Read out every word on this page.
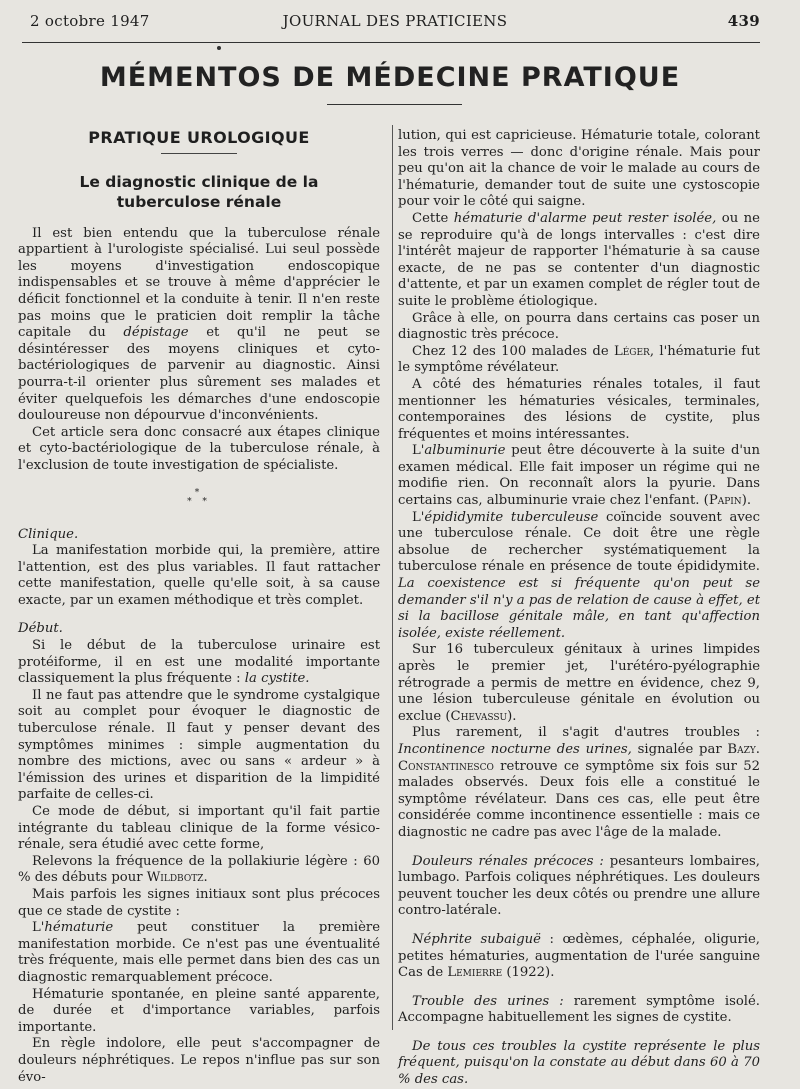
2 octobre 1947	JOURNAL DES PRATICIENS	439
MÉMENTOS DE MÉDECINE PRATIQUE
PRATIQUE UROLOGIQUE
Le diagnostic clinique de la
tuberculose rénale

Il est bien entendu que la tuberculose rénale appartient à l'urologiste spécialisé. Lui seul possède les moyens d'investigation endoscopique indispensables et se trouve à même d'apprécier le déficit fonctionnel et la conduite à tenir. Il n'en reste pas moins que le praticien doit remplir la tâche capitale du dépistage et qu'il ne peut se désintéresser des moyens cliniques et cyto-bactériologiques de parvenir au diagnostic. Ainsi pourra-t-il orienter plus sûrement ses malades et éviter quelquefois les démarches d'une endoscopie douloureuse non dépourvue d'inconvénients.

Cet article sera donc consacré aux étapes clinique et cyto-bactériologique de la tuberculose rénale, à l'exclusion de toute investigation de spécialiste.

*
* *

Clinique.

La manifestation morbide qui, la première, attire l'attention, est des plus variables. Il faut rattacher cette manifestation, quelle qu'elle soit, à sa cause exacte, par un examen méthodique et très complet.

Début.

Si le début de la tuberculose urinaire est protéiforme, il en est une modalité importante classiquement la plus fréquente : la cystite.

Il ne faut pas attendre que le syndrome cystalgique soit au complet pour évoquer le diagnostic de tuberculose rénale. Il faut y penser devant des symptômes minimes : simple augmentation du nombre des mictions, avec ou sans « ardeur » à l'émission des urines et disparition de la limpidité parfaite de celles-ci.

Ce mode de début, si important qu'il fait partie intégrante du tableau clinique de la forme vésico-rénale, sera étudié avec cette forme,

Relevons la fréquence de la pollakiurie légère : 60 % des débuts pour Wildbotz.

Mais parfois les signes initiaux sont plus précoces que ce stade de cystite :

L'hématurie peut constituer la première manifestation morbide. Ce n'est pas une éventualité très fréquente, mais elle permet dans bien des cas un diagnostic remarquablement précoce.

Hématurie spontanée, en pleine santé apparente, de durée et d'importance variables, parfois importante.

En règle indolore, elle peut s'accompagner de douleurs néphrétiques. Le repos n'influe pas sur son évo-

lution, qui est capricieuse. Hématurie totale, colorant les trois verres — donc d'origine rénale. Mais pour peu qu'on ait la chance de voir le malade au cours de l'hématurie, demander tout de suite une cystoscopie pour voir le côté qui saigne.

Cette hématurie d'alarme peut rester isolée, ou ne se reproduire qu'à de longs intervalles : c'est dire l'intérêt majeur de rapporter l'hématurie à sa cause exacte, de ne pas se contenter d'un diagnostic d'attente, et par un examen complet de régler tout de suite le problème étiologique.

Grâce à elle, on pourra dans certains cas poser un diagnostic très précoce.

Chez 12 des 100 malades de Léger, l'hématurie fut le symptôme révélateur.

A côté des hématuries rénales totales, il faut mentionner les hématuries vésicales, terminales, contemporaines des lésions de cystite, plus fréquentes et moins intéressantes.

L'albuminurie peut être découverte à la suite d'un examen médical. Elle fait imposer un régime qui ne modifie rien. On reconnaît alors la pyurie. Dans certains cas, albuminurie vraie chez l'enfant. (Papin).

L'épididymite tuberculeuse coïncide souvent avec une tuberculose rénale. Ce doit être une règle absolue de rechercher systématiquement la tuberculose rénale en présence de toute épididymite. La coexistence est si fréquente qu'on peut se demander s'il n'y a pas de relation de cause à effet, et si la bacillose génitale mâle, en tant qu'affection isolée, existe réellement.

Sur 16 tuberculeux génitaux à urines limpides après le premier jet, l'urétéro-pyélographie rétrograde a permis de mettre en évidence, chez 9, une lésion tuberculeuse génitale en évolution ou exclue (Chevassu).

Plus rarement, il s'agit d'autres troubles : Incontinence nocturne des urines, signalée par Bazy. Constantinesco retrouve ce symptôme six fois sur 52 malades observés. Deux fois elle a constitué le symptôme révélateur. Dans ces cas, elle peut être considérée comme incontinence essentielle : mais ce diagnostic ne cadre pas avec l'âge de la malade.

Douleurs rénales précoces : pesanteurs lombaires, lumbago. Parfois coliques néphrétiques. Les douleurs peuvent toucher les deux côtés ou prendre une allure contro-latérale.

Néphrite subaiguë : œdèmes, céphalée, oligurie, petites hématuries, augmentation de l'urée sanguine Cas de Lemierre (1922).

Trouble des urines : rarement symptôme isolé. Accompagne habituellement les signes de cystite.

De tous ces troubles la cystite représente le plus fréquent, puisqu'on la constate au début dans 60 à 70 % des cas.
